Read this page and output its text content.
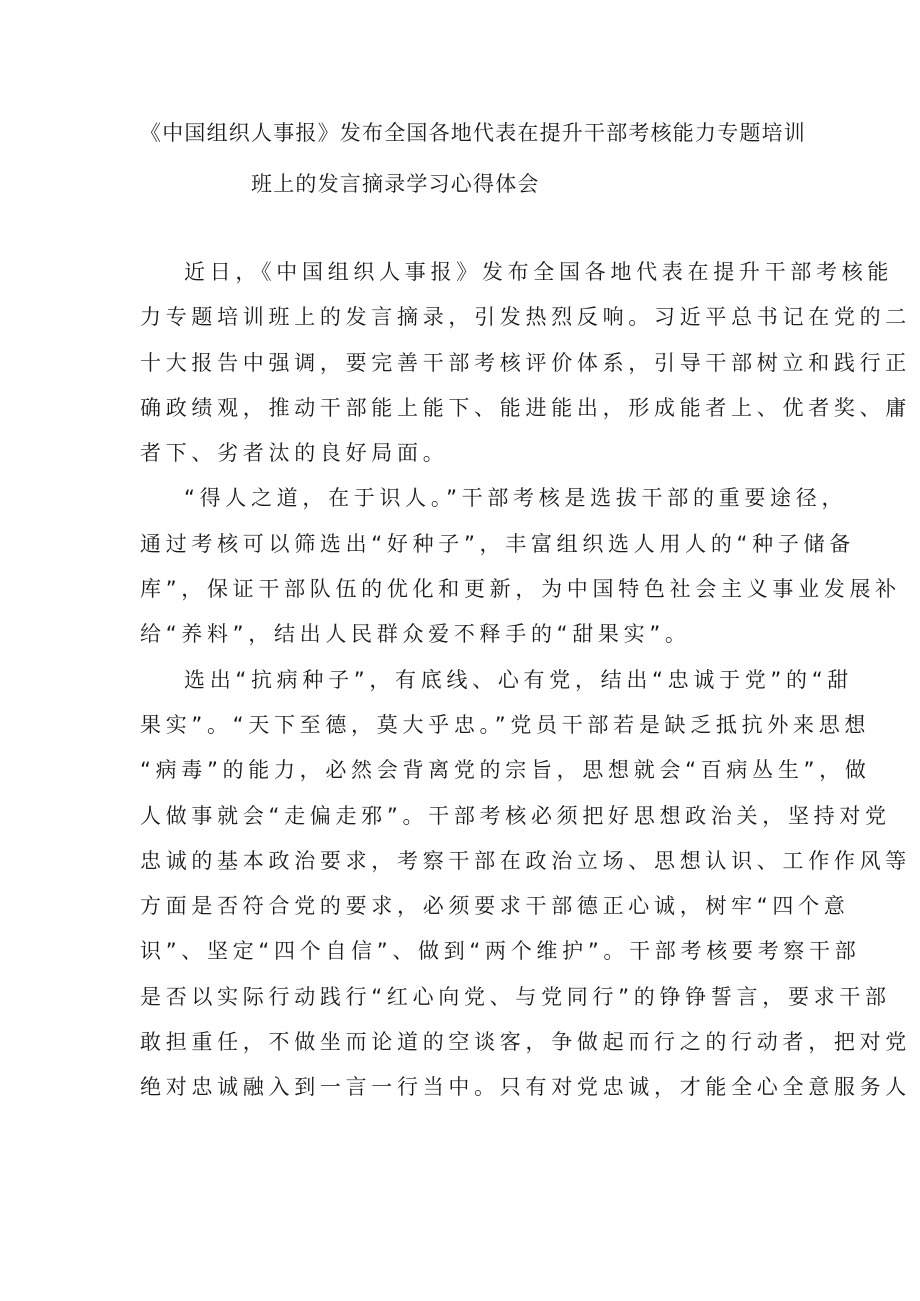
《中国组织人事报》发布全国各地代表在提升干部考核能力专题培训
班上的发言摘录学习心得体会

近日，《中国组织人事报》发布全国各地代表在提升干部考核能
力专题培训班上的发言摘录，引发热烈反响。习近平总书记在党的二
十大报告中强调，要完善干部考核评价体系，引导干部树立和践行正
确政绩观，推动干部能上能下、能进能出，形成能者上、优者奖、庸
者下、劣者汰的良好局面。

“得人之道，在于识人。”干部考核是选拔干部的重要途径，
通过考核可以筛选出“好种子”，丰富组织选人用人的“种子储备
库”，保证干部队伍的优化和更新，为中国特色社会主义事业发展补
给“养料”，结出人民群众爱不释手的“甜果实”。

选出“抗病种子”，有底线、心有党，结出“忠诚于党”的“甜
果实”。“天下至德，莫大乎忠。”党员干部若是缺乏抵抗外来思想
“病毒”的能力，必然会背离党的宗旨，思想就会“百病丛生”，做
人做事就会“走偏走邪”。干部考核必须把好思想政治关，坚持对党
忠诚的基本政治要求，考察干部在政治立场、思想认识、工作作风等
方面是否符合党的要求，必须要求干部德正心诚，树牢“四个意
识”、坚定“四个自信”、做到“两个维护”。干部考核要考察干部
是否以实际行动践行“红心向党、与党同行”的铮铮誓言，要求干部
敢担重任，不做坐而论道的空谈客，争做起而行之的行动者，把对党
绝对忠诚融入到一言一行当中。只有对党忠诚，才能全心全意服务人
